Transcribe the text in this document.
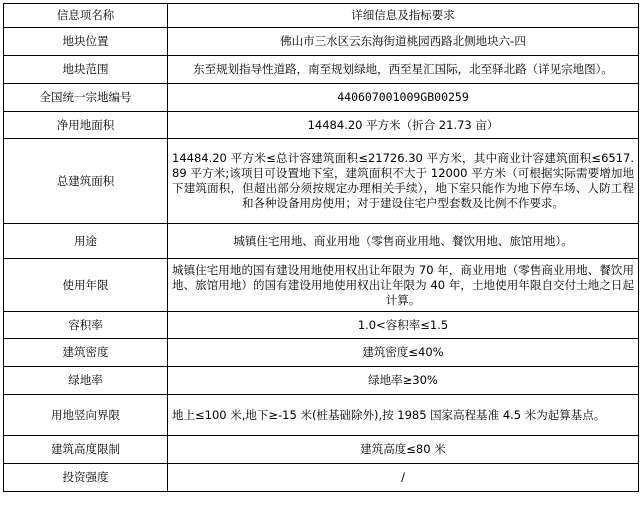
信息项名称	详细信息及指标要求
地块位置	佛山市三水区云东海街道桃园西路北侧地块六-四
地块范围	东至规划指导性道路，南至规划绿地，西至星汇国际，北至驿北路（详见宗地图）。
全国统一宗地编号	440607001009GB00259
净用地面积	14484.20 平方米（折合 21.73 亩）
总建筑面积	14484.20 平方米≤总计容建筑面积≤21726.30 平方米，其中商业计容建筑面积≤6517.89 平方米;该项目可设置地下室，建筑面积不大于 12000 平方米（可根据实际需要增加地下建筑面积，但超出部分须按规定办理相关手续），地下室只能作为地下停车场、人防工程和各种设备用房使用；对于建设住宅户型套数及比例不作要求。
用途	城镇住宅用地、商业用地（零售商业用地、餐饮用地、旅馆用地）。
使用年限	城镇住宅用地的国有建设用地使用权出让年限为 70 年，商业用地（零售商业用地、餐饮用地、旅馆用地）的国有建设用地使用权出让年限为 40 年，土地使用年限自交付土地之日起计算。
容积率	1.0<容积率≤1.5
建筑密度	建筑密度≤40%
绿地率	绿地率≥30%
用地竖向界限	地上≤100 米,地下≥-15 米(桩基础除外),按 1985 国家高程基准 4.5 米为起算基点。
建筑高度限制	建筑高度≤80 米
投资强度	/
